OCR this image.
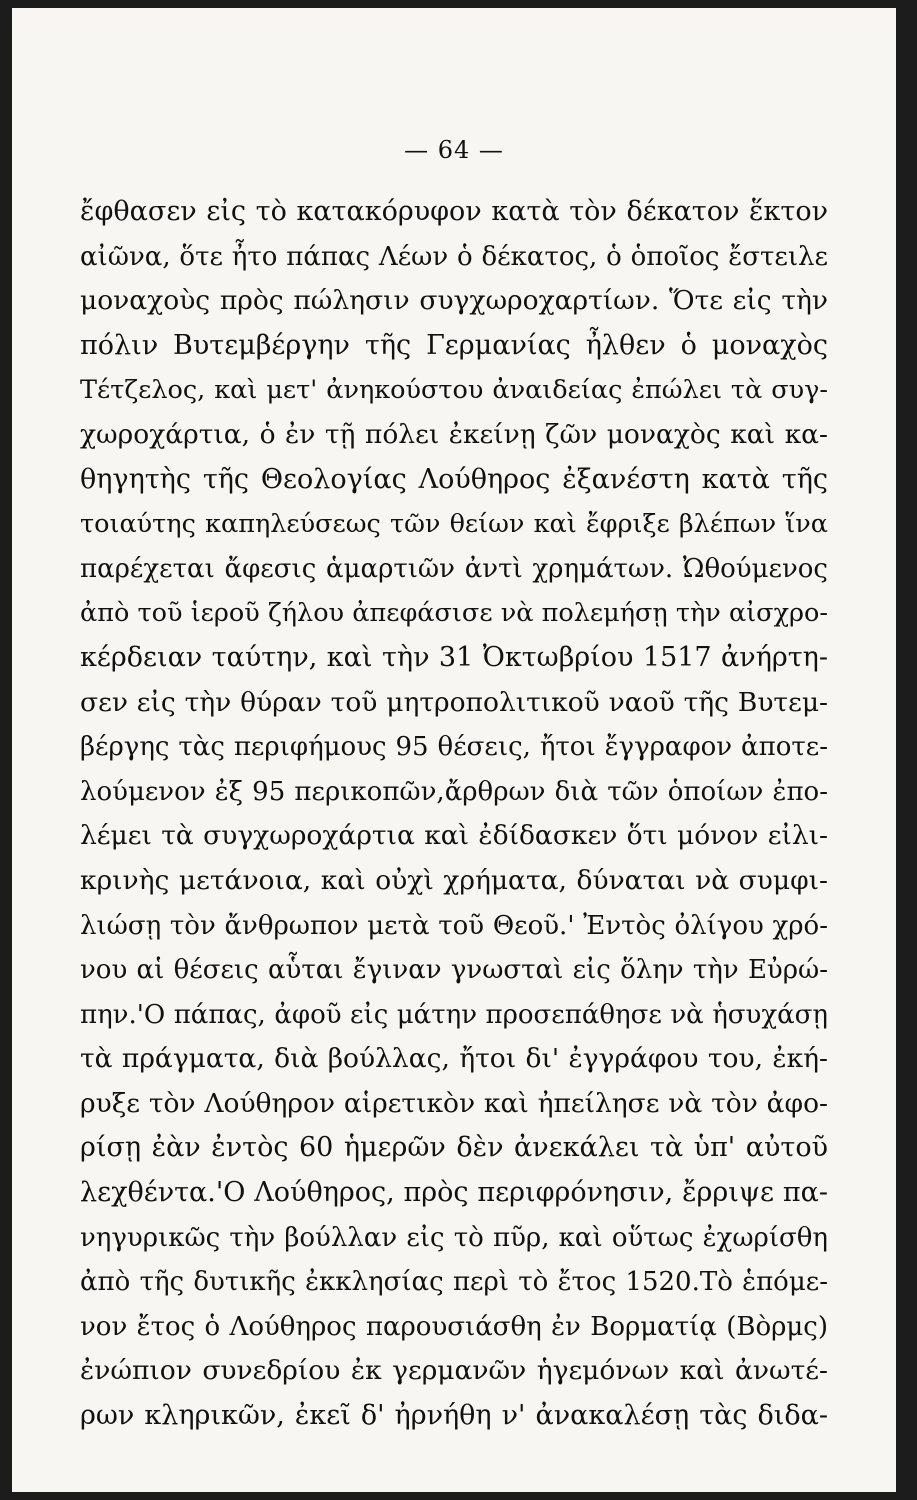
— 64 —
ἔφθασεν εἰς τὸ κατακόρυφον κατὰ τὸν δέκατον ἕκτον
αἰῶνα, ὅτε ἦτο πάπας Λέων ὁ δέκατος, ὁ ὁποῖος ἔστειλε
μοναχοὺς πρὸς πώλησιν συγχωροχαρτίων. Ὅτε εἰς τὴν
πόλιν Βυτεμβέργην τῆς Γερμανίας ἦλθεν ὁ μοναχὸς
Τέτζελος, καὶ μετ' ἀνηκούστου ἀναιδείας ἐπώλει τὰ συγ-
χωροχάρτια, ὁ ἐν τῇ πόλει ἐκείνῃ ζῶν μοναχὸς καὶ κα-
θηγητὴς τῆς Θεολογίας Λούθηρος ἐξανέστη κατὰ τῆς
τοιαύτης καπηλεύσεως τῶν θείων καὶ ἔφριξε βλέπων ἵνα
παρέχεται ἄφεσις ἁμαρτιῶν ἀντὶ χρημάτων. Ὠθούμενος
ἀπὸ τοῦ ἱεροῦ ζήλου ἀπεφάσισε νὰ πολεμήσῃ τὴν αἰσχρο-
κέρδειαν ταύτην, καὶ τὴν 31 Ὀκτωβρίου 1517 ἀνήρτη-
σεν εἰς τὴν θύραν τοῦ μητροπολιτικοῦ ναοῦ τῆς Βυτεμ-
βέργης τὰς περιφήμους 95 θέσεις, ἤτοι ἔγγραφον ἀποτε-
λούμενον ἐξ 95 περικοπῶν,ἄρθρων διὰ τῶν ὁποίων ἐπο-
λέμει τὰ συγχωροχάρτια καὶ ἐδίδασκεν ὅτι μόνον εἰλι-
κρινὴς μετάνοια, καὶ οὐχὶ χρήματα, δύναται νὰ συμφι-
λιώσῃ τὸν ἄνθρωπον μετὰ τοῦ Θεοῦ.' Ἐντὸς ὀλίγου χρό-
νου αἱ θέσεις αὗται ἔγιναν γνωσταὶ εἰς ὅλην τὴν Εὐρώ-
πην.'Ο πάπας, ἀφοῦ εἰς μάτην προσεπάθησε νὰ ἡσυχάσῃ
τὰ πράγματα, διὰ βούλλας, ἤτοι δι' ἐγγράφου του, ἐκή-
ρυξε τὸν Λούθηρον αἱρετικὸν καὶ ἠπείλησε νὰ τὸν ἀφο-
ρίσῃ ἐὰν ἐντὸς 60 ἡμερῶν δὲν ἀνεκάλει τὰ ὑπ' αὐτοῦ
λεχθέντα.'Ο Λούθηρος, πρὸς περιφρόνησιν, ἔρριψε πα-
νηγυρικῶς τὴν βούλλαν εἰς τὸ πῦρ, καὶ οὕτως ἐχωρίσθη
ἀπὸ τῆς δυτικῆς ἐκκλησίας περὶ τὸ ἔτος 1520.Τὸ ἑπόμε-
νον ἔτος ὁ Λούθηρος παρουσιάσθη ἐν Βορματίᾳ (Βὸρμς)
ἐνώπιον συνεδρίου ἐκ γερμανῶν ἡγεμόνων καὶ ἀνωτέ-
ρων κληρικῶν, ἐκεῖ δ' ἠρνήθη ν' ἀνακαλέσῃ τὰς διδα-
